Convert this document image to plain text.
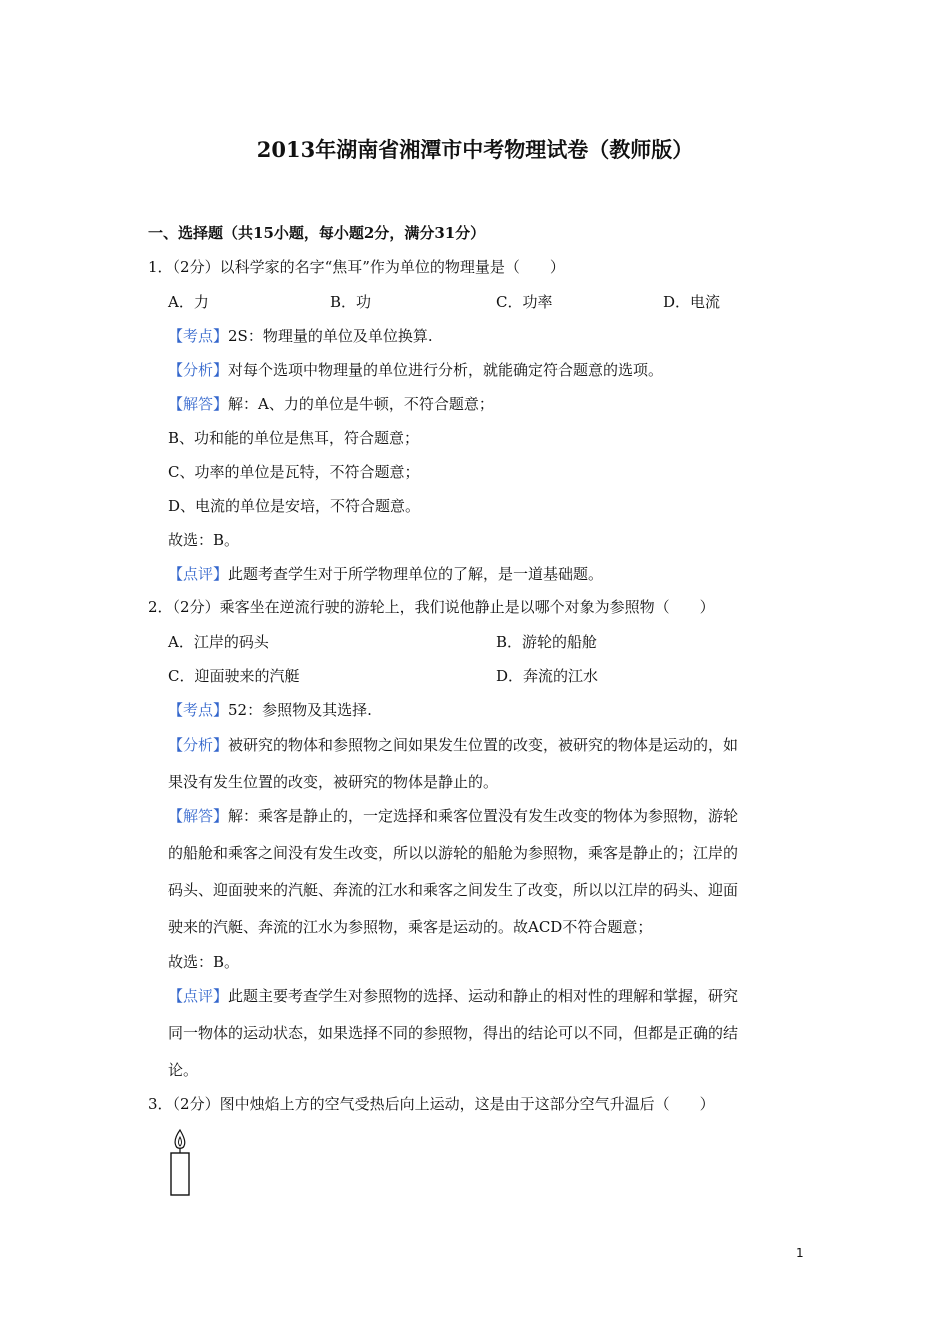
2013年湖南省湘潭市中考物理试卷（教师版）
一、选择题（共15小题，每小题2分，满分31分）
1．（2分）以科学家的名字“焦耳”作为单位的物理量是（　　）
A．力	B．功	C．功率	D．电流
【考点】2S：物理量的单位及单位换算.
【分析】对每个选项中物理量的单位进行分析，就能确定符合题意的选项。
【解答】解：A、力的单位是牛顿，不符合题意；
B、功和能的单位是焦耳，符合题意；
C、功率的单位是瓦特，不符合题意；
D、电流的单位是安培，不符合题意。
故选：B。
【点评】此题考查学生对于所学物理单位的了解，是一道基础题。
2．（2分）乘客坐在逆流行驶的游轮上，我们说他静止是以哪个对象为参照物（　　）
A．江岸的码头	B．游轮的船舱
C．迎面驶来的汽艇	D．奔流的江水
【考点】52：参照物及其选择.
【分析】被研究的物体和参照物之间如果发生位置的改变，被研究的物体是运动的，如
果没有发生位置的改变，被研究的物体是静止的。
【解答】解：乘客是静止的，一定选择和乘客位置没有发生改变的物体为参照物，游轮
的船舱和乘客之间没有发生改变，所以以游轮的船舱为参照物，乘客是静止的；江岸的
码头、迎面驶来的汽艇、奔流的江水和乘客之间发生了改变，所以以江岸的码头、迎面
驶来的汽艇、奔流的江水为参照物，乘客是运动的。故ACD不符合题意；
故选：B。
【点评】此题主要考查学生对参照物的选择、运动和静止的相对性的理解和掌握，研究
同一物体的运动状态，如果选择不同的参照物，得出的结论可以不同，但都是正确的结
论。
3．（2分）图中烛焰上方的空气受热后向上运动，这是由于这部分空气升温后（　　）
1
